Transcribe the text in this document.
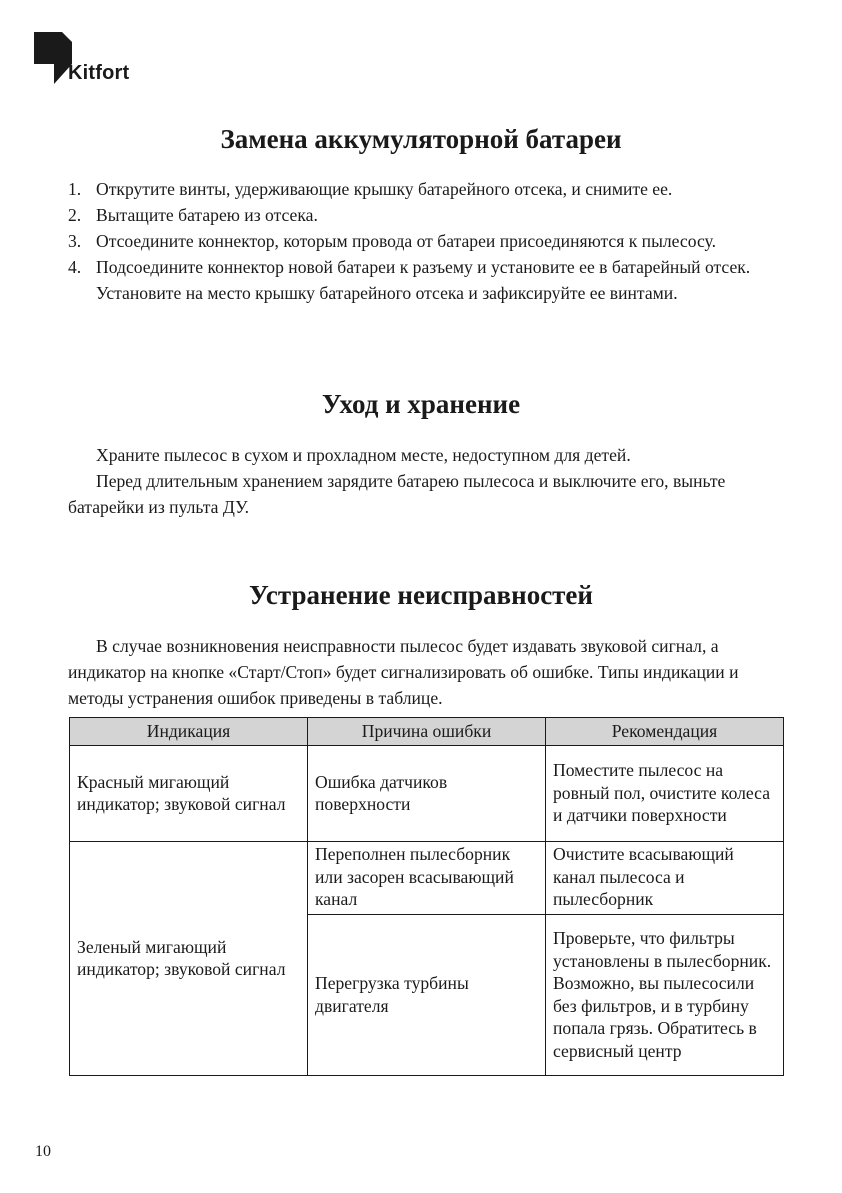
Kitfort
Замена аккумуляторной батареи
1. Открутите винты, удерживающие крышку батарейного отсека, и снимите ее.
2. Вытащите батарею из отсека.
3. Отсоедините коннектор, которым провода от батареи присоединяются к пылесосу.
4. Подсоедините коннектор новой батареи к разъему и установите ее в батарейный отсек. Установите на место крышку батарейного отсека и зафиксируйте ее винтами.
Уход и хранение

Храните пылесос в сухом и прохладном месте, недоступном для детей.

Перед длительным хранением зарядите батарею пылесоса и выключите его, выньте батарейки из пульта ДУ.

Устранение неисправностей

В случае возникновения неисправности пылесос будет издавать звуковой сигнал, а индикатор на кнопке «Старт/Стоп» будет сигнализировать об ошибке. Типы индикации и методы устранения ошибок приведены в таблице.

Индикация	Причина ошибки	Рекомендация
Красный мигающий индикатор; звуковой сигнал	Ошибка датчиков поверхности	Поместите пылесос на ровный пол, очистите колеса и датчики поверхности
Зеленый мигающий индикатор; звуковой сигнал	Переполнен пылесборник или засорен всасывающий канал	Очистите всасывающий канал пылесоса и пылесборник
	Перегрузка турбины двигателя	Проверьте, что фильтры установлены в пылесборник. Возможно, вы пылесосили без фильтров, и в турбину попала грязь. Обратитесь в сервисный центр
10
